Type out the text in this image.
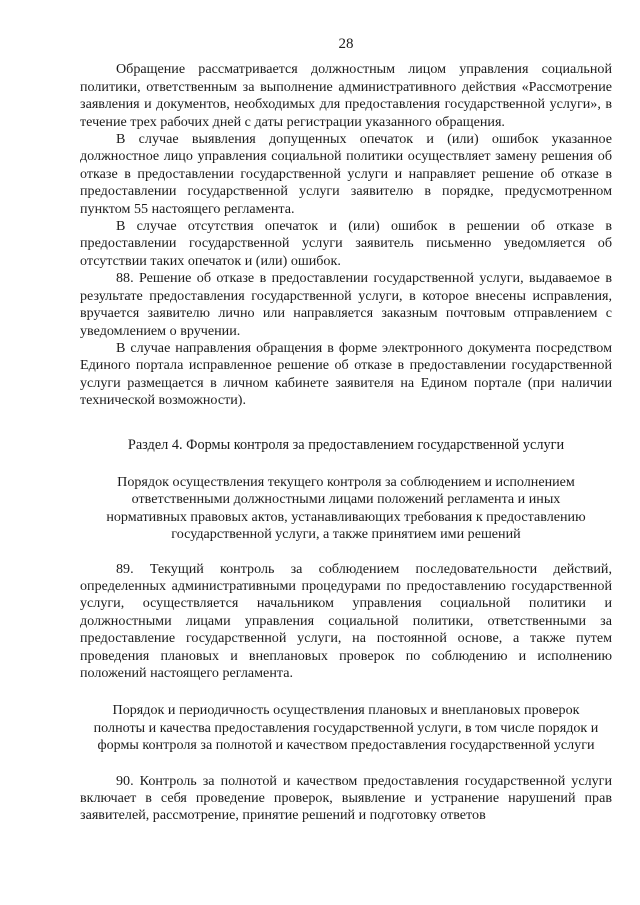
28

Обращение рассматривается должностным лицом управления социальной политики, ответственным за выполнение административного действия «Рассмотрение заявления и документов, необходимых для предоставления государственной услуги», в течение трех рабочих дней с даты регистрации указанного обращения.

В случае выявления допущенных опечаток и (или) ошибок указанное должностное лицо управления социальной политики осуществляет замену решения об отказе в предоставлении государственной услуги и направляет решение об отказе в предоставлении государственной услуги заявителю в порядке, предусмотренном пунктом 55 настоящего регламента.

В случае отсутствия опечаток и (или) ошибок в решении об отказе в предоставлении государственной услуги заявитель письменно уведомляется об отсутствии таких опечаток и (или) ошибок.

88. Решение об отказе в предоставлении государственной услуги, выдаваемое в результате предоставления государственной услуги, в которое внесены исправления, вручается заявителю лично или направляется заказным почтовым отправлением с уведомлением о вручении.

В случае направления обращения в форме электронного документа посредством Единого портала исправленное решение об отказе в предоставлении государственной услуги размещается в личном кабинете заявителя на Едином портале (при наличии технической возможности).

Раздел 4. Формы контроля за предоставлением государственной услуги
Порядок осуществления текущего контроля за соблюдением и исполнением ответственными должностными лицами положений регламента и иных нормативных правовых актов, устанавливающих требования к предоставлению государственной услуги, а также принятием ими решений

89. Текущий контроль за соблюдением последовательности действий, определенных административными процедурами по предоставлению государственной услуги, осуществляется начальником управления социальной политики и должностными лицами управления социальной политики, ответственными за предоставление государственной услуги, на постоянной основе, а также путем проведения плановых и внеплановых проверок по соблюдению и исполнению положений настоящего регламента.

Порядок и периодичность осуществления плановых и внеплановых проверок полноты и качества предоставления государственной услуги, в том числе порядок и формы контроля за полнотой и качеством предоставления государственной услуги

90. Контроль за полнотой и качеством предоставления государственной услуги включает в себя проведение проверок, выявление и устранение нарушений прав заявителей, рассмотрение, принятие решений и подготовку ответов
